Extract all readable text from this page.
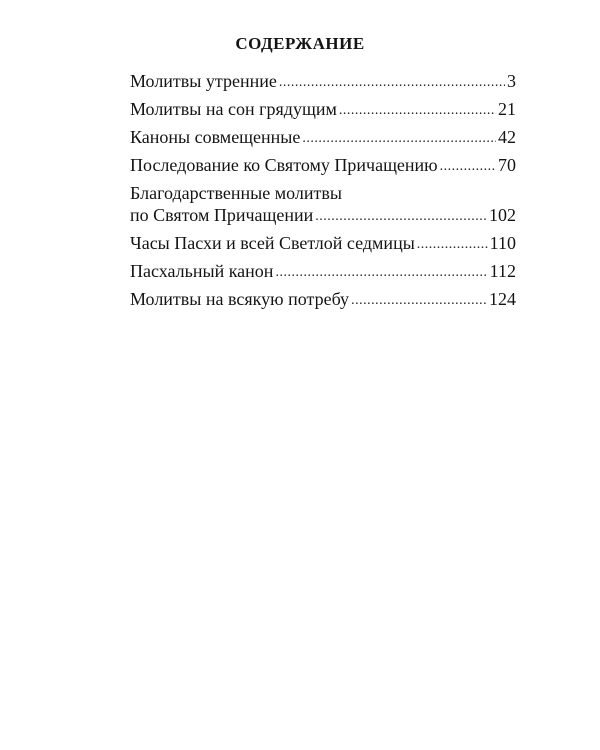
СОДЕРЖАНИЕ
Молитвы утренние .....	3
Молитвы на сон грядущим .....	21
Каноны совмещенные .....	42
Последование ко Святому Причащению .....	70
Благодарственные молитвы
по Святом Причащении .....	102
Часы Пасхи и всей Светлой седмицы .....	110
Пасхальный канон .....	112
Молитвы на всякую потребу .....	124
